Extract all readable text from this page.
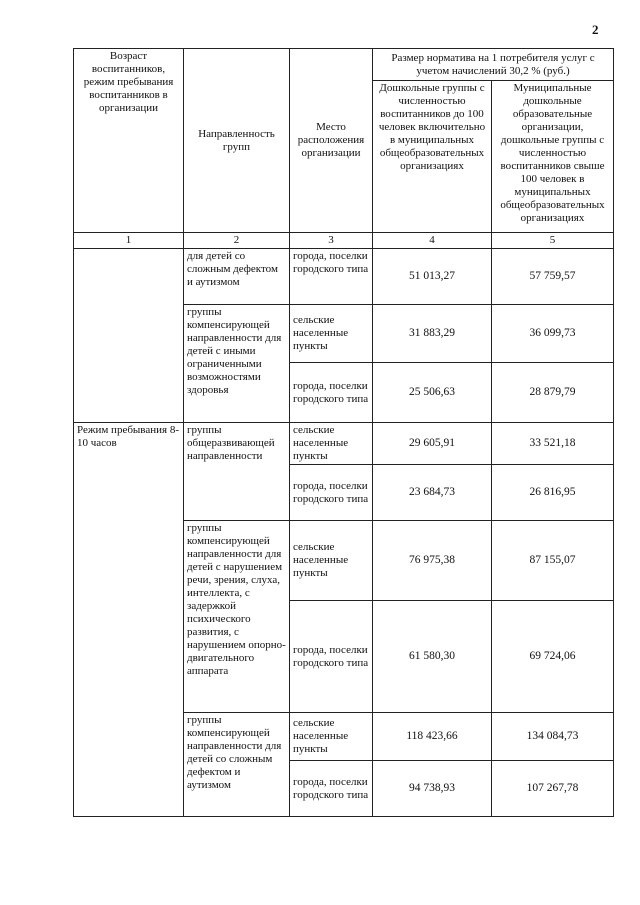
2
Возраст воспитанников, режим пребывания воспитанников в организации	Направленность групп	Место расположения организации	Размер норматива на 1 потребителя услуг с учетом начислений 30,2 % (руб.)	
			Дошкольные группы с численностью воспитанников до 100 человек включительно в муниципальных общеобразовательных организациях	Муниципальные дошкольные образовательные организации, дошкольные группы с численностью воспитанников свыше 100 человек в муниципальных общеобразовательных организациях
1	2	3	4	5
	для детей со сложным дефектом и аутизмом	города, поселки городского типа	51 013,27	57 759,57
	группы компенсирующей направленности для детей с иными ограниченными возможностями здоровья	сельские населенные пункты	31 883,29	36 099,73
		города, поселки городского типа	25 506,63	28 879,79
Режим пребывания 8- 10 часов	группы общеразвивающей направленности	сельские населенные пункты	29 605,91	33 521,18
		города, поселки городского типа	23 684,73	26 816,95
	группы компенсирующей направленности для детей с нарушением речи, зрения, слуха, интеллекта, с задержкой психического развития, с нарушением опорно-двигательного аппарата	сельские населенные пункты	76 975,38	87 155,07
		города, поселки городского типа	61 580,30	69 724,06
	группы компенсирующей направленности для детей со сложным дефектом и аутизмом	сельские населенные пункты	118 423,66	134 084,73
		города, поселки городского типа	94 738,93	107 267,78
